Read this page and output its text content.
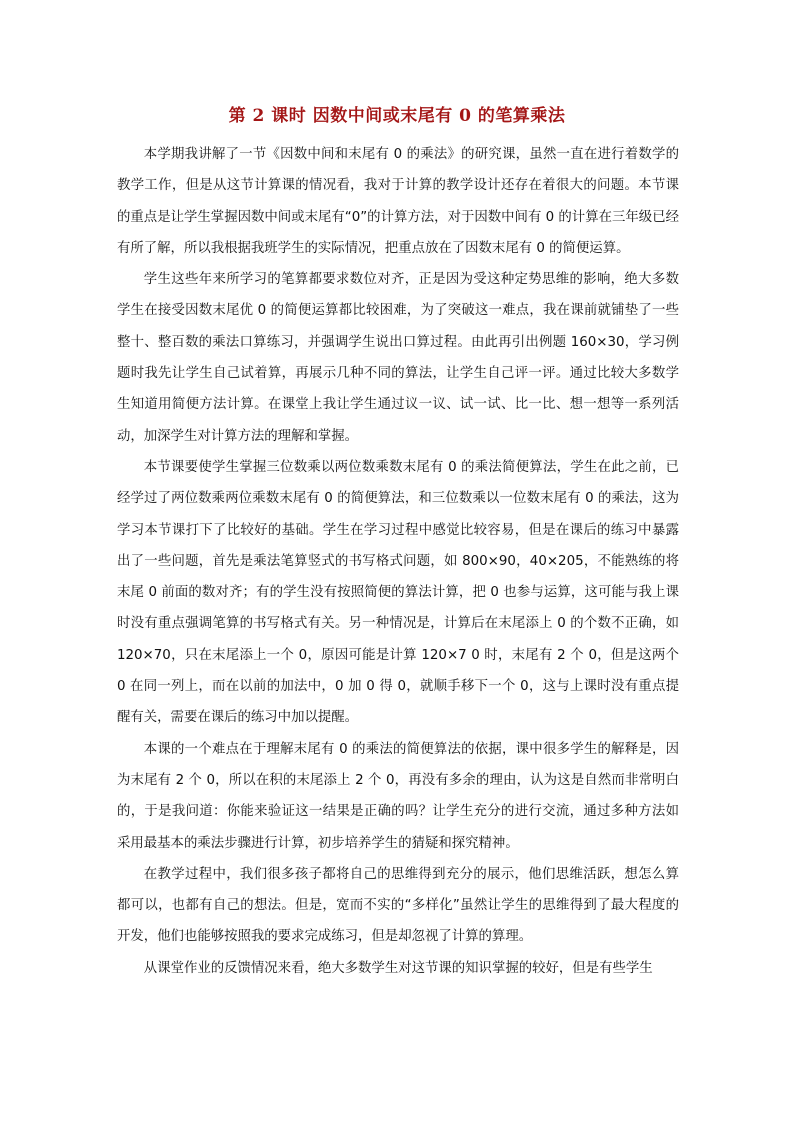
第 2 课时 因数中间或末尾有 0 的笔算乘法

本学期我讲解了一节《因数中间和末尾有 0 的乘法》的研究课，虽然一直在进行着数学的教学工作，但是从这节计算课的情况看，我对于计算的教学设计还存在着很大的问题。本节课的重点是让学生掌握因数中间或末尾有“0”的计算方法，对于因数中间有 0 的计算在三年级已经有所了解，所以我根据我班学生的实际情况，把重点放在了因数末尾有 0 的简便运算。

学生这些年来所学习的笔算都要求数位对齐，正是因为受这种定势思维的影响，绝大多数学生在接受因数末尾优 0 的简便运算都比较困难，为了突破这一难点，我在课前就铺垫了一些整十、整百数的乘法口算练习，并强调学生说出口算过程。由此再引出例题 160×30，学习例题时我先让学生自己试着算，再展示几种不同的算法，让学生自己评一评。通过比较大多数学生知道用简便方法计算。在课堂上我让学生通过议一议、试一试、比一比、想一想等一系列活动，加深学生对计算方法的理解和掌握。

本节课要使学生掌握三位数乘以两位数乘数末尾有 0 的乘法简便算法，学生在此之前，已经学过了两位数乘两位乘数末尾有 0 的简便算法，和三位数乘以一位数末尾有 0 的乘法，这为学习本节课打下了比较好的基础。学生在学习过程中感觉比较容易，但是在课后的练习中暴露出了一些问题，首先是乘法笔算竖式的书写格式问题，如 800×90，40×205，不能熟练的将末尾 0 前面的数对齐；有的学生没有按照简便的算法计算，把 0 也参与运算，这可能与我上课时没有重点强调笔算的书写格式有关。另一种情况是，计算后在末尾添上 0 的个数不正确，如 120×70，只在末尾添上一个 0，原因可能是计算 120×7 0 时，末尾有 2 个 0，但是这两个 0 在同一列上，而在以前的加法中，0 加 0 得 0，就顺手移下一个 0，这与上课时没有重点提醒有关，需要在课后的练习中加以提醒。

本课的一个难点在于理解末尾有 0 的乘法的简便算法的依据，课中很多学生的解释是，因为末尾有 2 个 0，所以在积的末尾添上 2 个 0，再没有多余的理由，认为这是自然而非常明白的，于是我问道：你能来验证这一结果是正确的吗？让学生充分的进行交流，通过多种方法如采用最基本的乘法步骤进行计算，初步培养学生的猜疑和探究精神。

在教学过程中，我们很多孩子都将自己的思维得到充分的展示，他们思维活跃，想怎么算都可以，也都有自己的想法。但是，宽而不实的“多样化”虽然让学生的思维得到了最大程度的开发，他们也能够按照我的要求完成练习，但是却忽视了计算的算理。

从课堂作业的反馈情况来看，绝大多数学生对这节课的知识掌握的较好，但是有些学生
